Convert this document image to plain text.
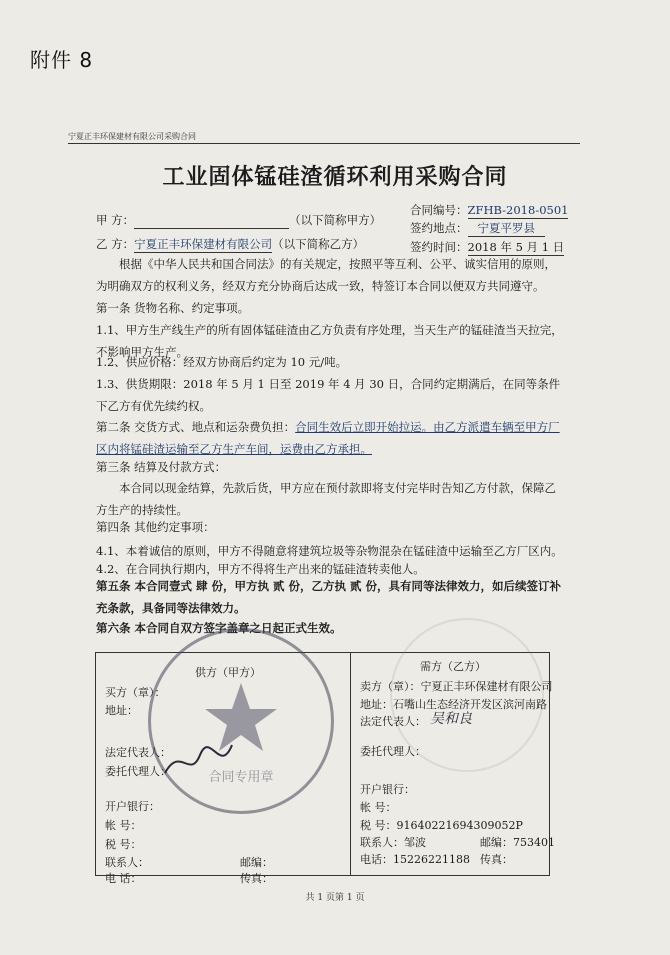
附件 8
宁夏正丰环保建材有限公司采购合同
工业固体锰硅渣循环利用采购合同
合同编号：ZFHB-2018-0501
签约地点： 宁夏平罗县
签约时间：2018 年 5 月 1 日
甲 方：	（以下简称甲方）
乙 方：宁夏正丰环保建材有限公司（以下简称乙方）
根据《中华人民共和国合同法》的有关规定，按照平等互利、公平、诚实信用的原则，为明确双方的权利义务，经双方充分协商后达成一致，特签订本合同以便双方共同遵守。
第一条 货物名称、约定事项。
1.1、甲方生产线生产的所有固体锰硅渣由乙方负责有序处理，当天生产的锰硅渣当天拉完，不影响甲方生产。
1.2、供应价格：经双方协商后约定为 10 元/吨。
1.3、供货期限：2018 年 5 月 1 日至 2019 年 4 月 30 日，合同约定期满后，在同等条件下乙方有优先续约权。
第二条 交货方式、地点和运杂费负担：合同生效后立即开始拉运。由乙方派遣车辆至甲方厂区内将锰硅渣运输至乙方生产车间，运费由乙方承担。
第三条 结算及付款方式：
本合同以现金结算，先款后货，甲方应在预付款即将支付完毕时告知乙方付款，保障乙方生产的持续性。
第四条 其他约定事项：
4.1、本着诚信的原则，甲方不得随意将建筑垃圾等杂物混杂在锰硅渣中运输至乙方厂区内。
4.2、在合同执行期内，甲方不得将生产出来的锰硅渣转卖他人。
第五条 本合同壹式 肆 份，甲方执 贰 份，乙方执 贰 份，具有同等法律效力，如后续签订补充条款，具备同等法律效力。
第六条 本合同自双方签字盖章之日起正式生效。
供方（甲方）	需方（乙方）
买方（章）：
地址：
法定代表人：
委托代理人：
开户银行：
帐 号：
税 号：
联系人：	邮编：
电 话：	传真：
卖方（章）：宁夏正丰环保建材有限公司
地址：石嘴山生态经济开发区滨河南路
法定代表人： 吴和良
委托代理人：
开户银行：
帐 号：
税 号：91640221694309052P
联系人：邹波	邮编：753401
电话：15226221188 传真：
合同专用章
共 1 页第 1 页
